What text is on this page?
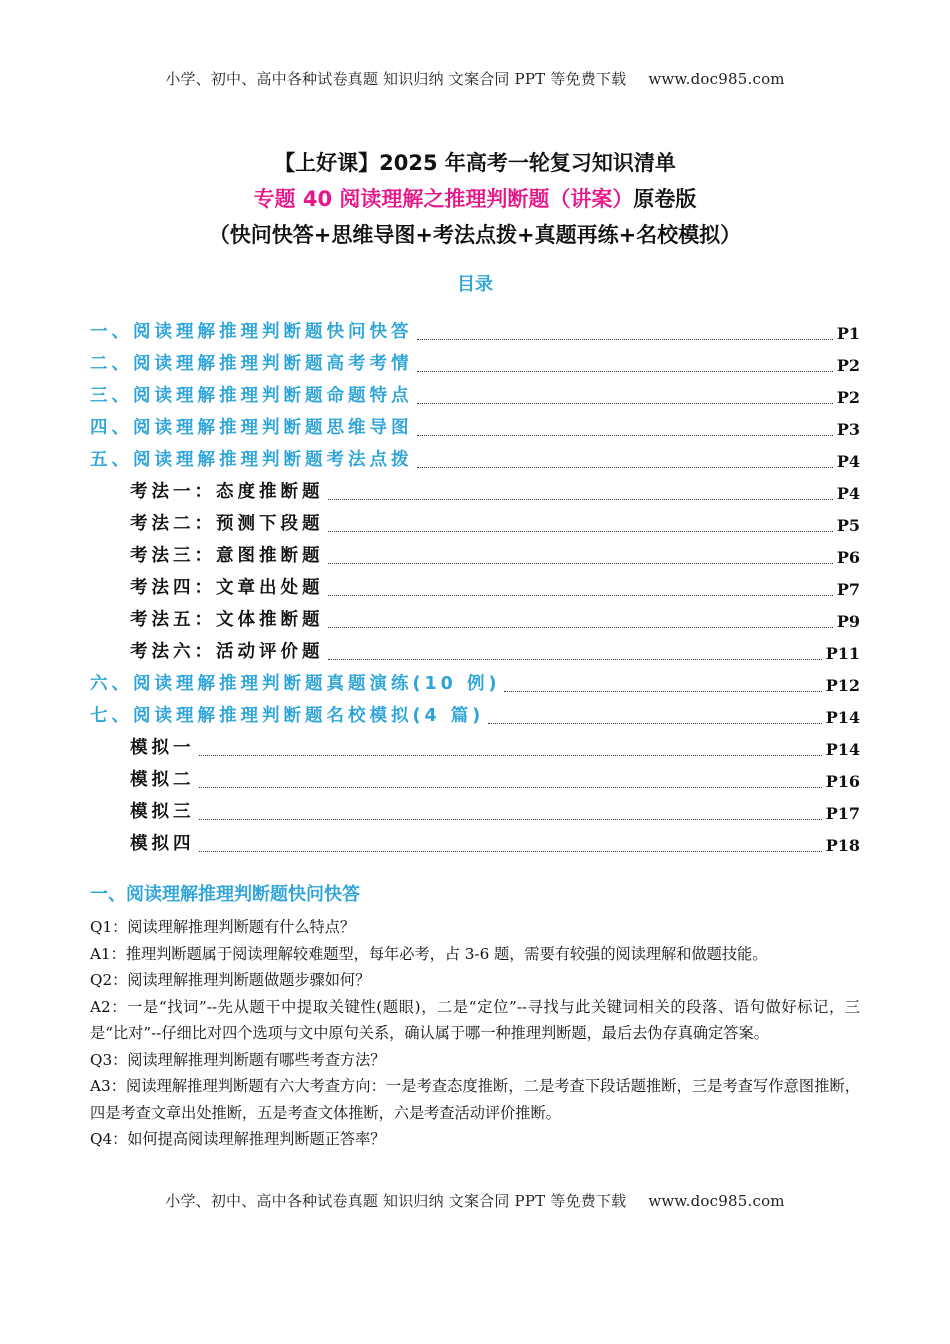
小学、初中、高中各种试卷真题 知识归纳 文案合同 PPT 等免费下载 www.doc985.com
【上好课】2025 年高考一轮复习知识清单
专题 40 阅读理解之推理判断题（讲案）原卷版
（快问快答+思维导图+考法点拨+真题再练+名校模拟）
目录
一、阅读理解推理判断题快问快答	P1
二、阅读理解推理判断题高考考情	P2
三、阅读理解推理判断题命题特点	P2
四、阅读理解推理判断题思维导图	P3
五、阅读理解推理判断题考法点拨	P4
考法一：态度推断题	P4
考法二：预测下段题	P5
考法三：意图推断题	P6
考法四：文章出处题	P7
考法五：文体推断题	P9
考法六：活动评价题	P11
六、阅读理解推理判断题真题演练(10 例)	P12
七、阅读理解推理判断题名校模拟(4 篇)	P14
模拟一	P14
模拟二	P16
模拟三	P17
模拟四	P18
一、阅读理解推理判断题快问快答

Q1：阅读理解推理判断题有什么特点？

A1：推理判断题属于阅读理解较难题型，每年必考，占 3-6 题，需要有较强的阅读理解和做题技能。

Q2：阅读理解推理判断题做题步骤如何？

A2：一是“找词”--先从题干中提取关键性(题眼)，二是“定位”--寻找与此关键词相关的段落、语句做好标记，三是“比对”--仔细比对四个选项与文中原句关系，确认属于哪一种推理判断题，最后去伪存真确定答案。

Q3：阅读理解推理判断题有哪些考查方法？

A3：阅读理解推理判断题有六大考查方向：一是考查态度推断，二是考查下段话题推断，三是考查写作意图推断，四是考查文章出处推断，五是考查文体推断，六是考查活动评价推断。

Q4：如何提高阅读理解推理判断题正答率？

小学、初中、高中各种试卷真题 知识归纳 文案合同 PPT 等免费下载 www.doc985.com
